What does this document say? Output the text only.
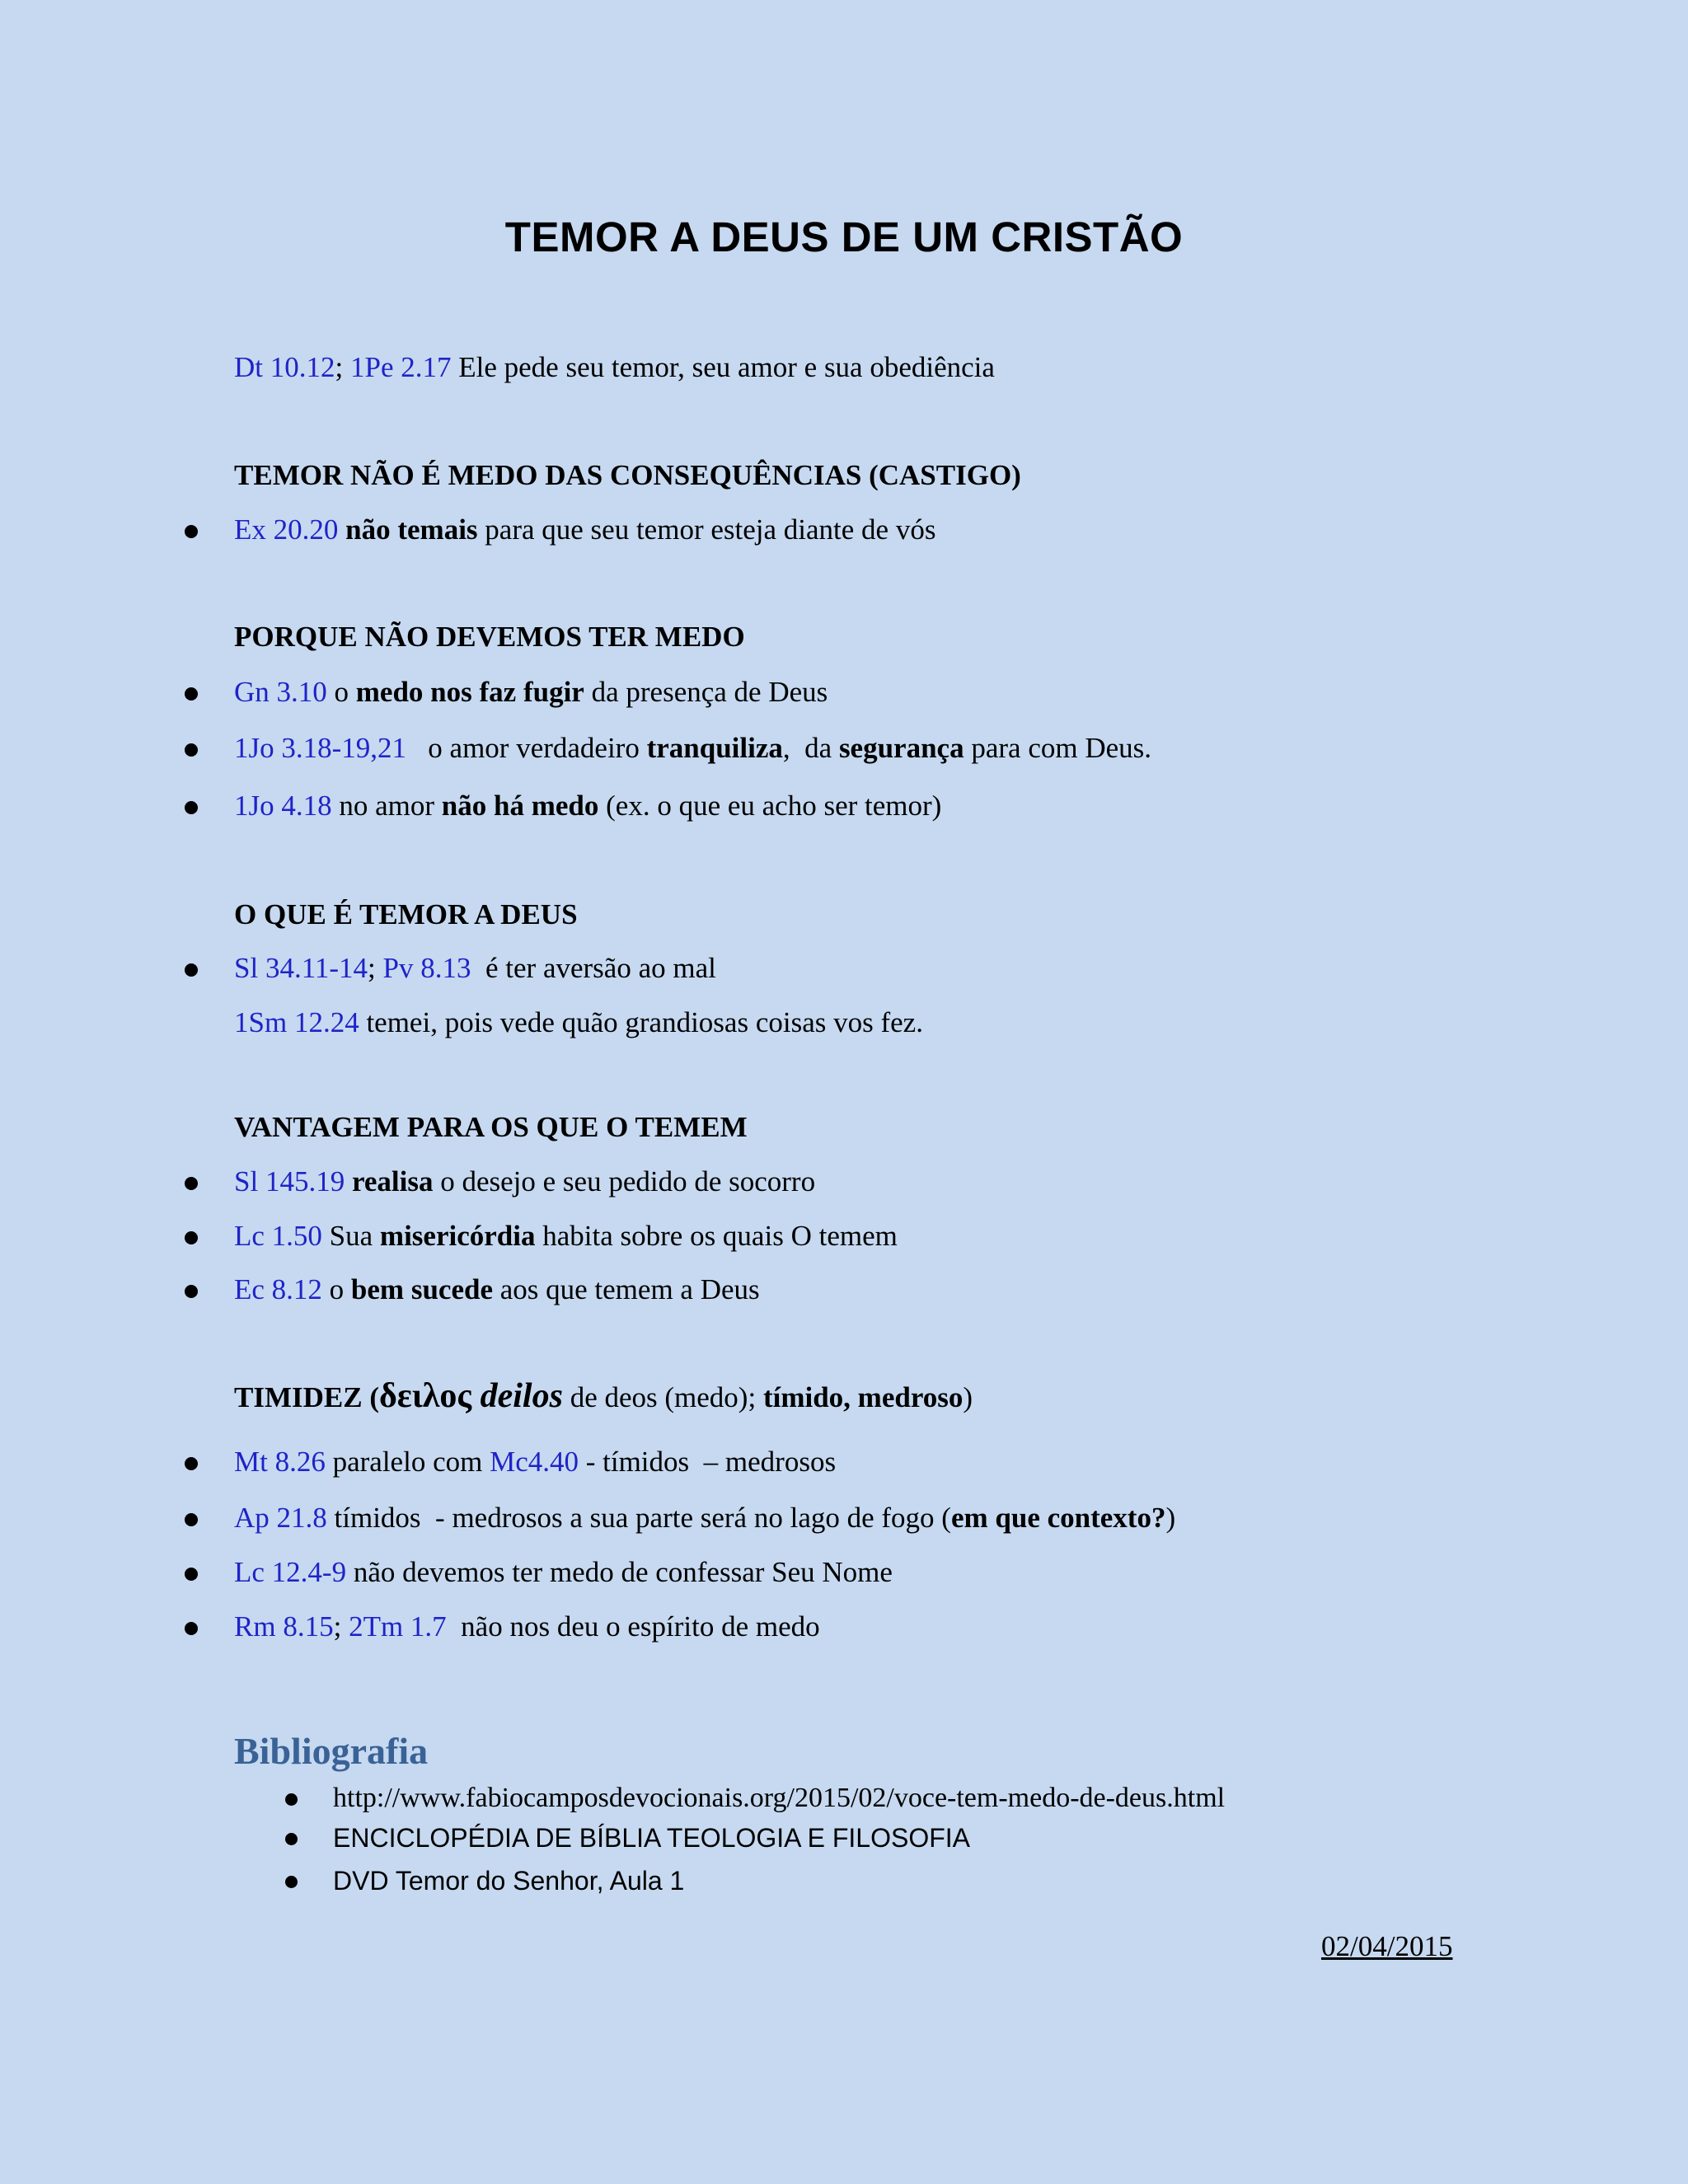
TEMOR A DEUS DE UM CRISTÃO
Dt 10.12; 1Pe 2.17 Ele pede seu temor, seu amor e sua obediência
TEMOR NÃO É MEDO DAS CONSEQUÊNCIAS (CASTIGO)
Ex 20.20 não temais para que seu temor esteja diante de vós
PORQUE NÃO DEVEMOS TER MEDO
Gn 3.10 o medo nos faz fugir da presença de Deus
1Jo 3.18-19,21   o amor verdadeiro tranquiliza,  da segurança para com Deus.
1Jo 4.18 no amor não há medo (ex. o que eu acho ser temor)
O QUE É TEMOR A DEUS
Sl 34.11-14; Pv 8.13  é ter aversão ao mal
1Sm 12.24 temei, pois vede quão grandiosas coisas vos fez.
VANTAGEM PARA OS QUE O TEMEM
Sl 145.19 realisa o desejo e seu pedido de socorro
Lc 1.50 Sua misericórdia habita sobre os quais O temem
Ec 8.12 o bem sucede aos que temem a Deus
TIMIDEZ (δειλος deilos de deos (medo); tímido, medroso)
Mt 8.26 paralelo com Mc4.40 - tímidos  – medrosos
Ap 21.8 tímidos  - medrosos a sua parte será no lago de fogo (em que contexto?)
Lc 12.4-9 não devemos ter medo de confessar Seu Nome
Rm 8.15; 2Tm 1.7  não nos deu o espírito de medo
Bibliografia
http://www.fabiocamposdevocionais.org/2015/02/voce-tem-medo-de-deus.html
ENCICLOPÉDIA DE BÍBLIA TEOLOGIA E FILOSOFIA
DVD Temor do Senhor, Aula 1
02/04/2015
